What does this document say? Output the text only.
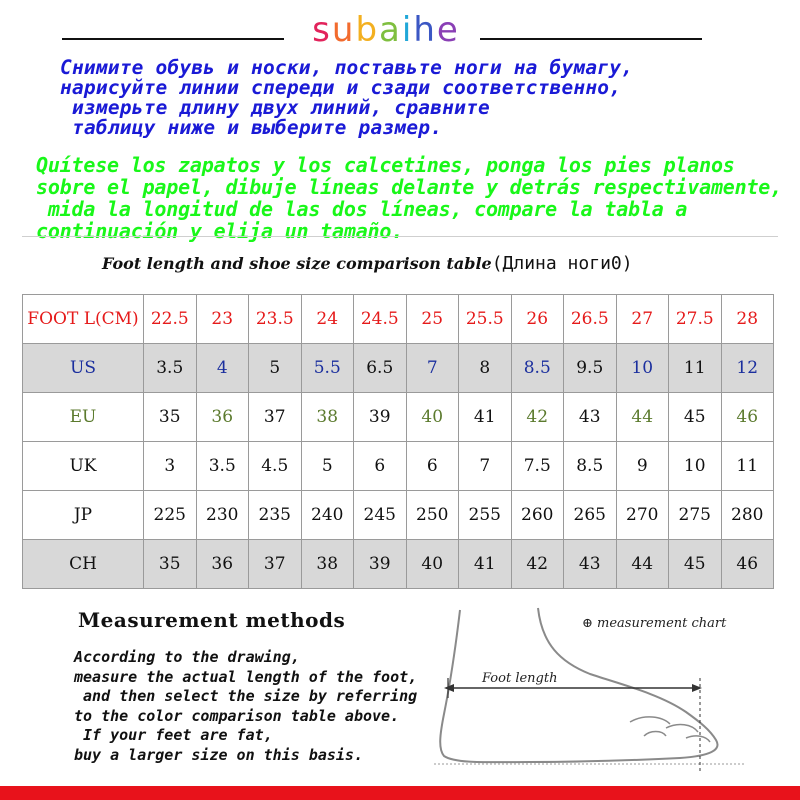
subaihe
Снимите обувь и носки, поставьте ноги на бумагу,
нарисуйте линии спереди и сзади соответственно,
измерьте длину двух линий, сравните
таблицу ниже и выберите размер.
Quítese los zapatos y los calcetines, ponga los pies planos
sobre el papel, dibuje líneas delante y detrás respectivamente,
mida la longitud de las dos líneas, compare la tabla a
continuación y elija un tamaño.
Foot length and shoe size comparison table(Длина ноги0)
FOOT L(CM)	22.5	23	23.5	24	24.5	25	25.5	26	26.5	27	27.5	28
US	3.5	4	5	5.5	6.5	7	8	8.5	9.5	10	11	12
EU	35	36	37	38	39	40	41	42	43	44	45	46
UK	3	3.5	4.5	5	6	6	7	7.5	8.5	9	10	11
JP	225	230	235	240	245	250	255	260	265	270	275	280
CH	35	36	37	38	39	40	41	42	43	44	45	46
Measurement methods
According to the drawing,
measure the actual length of the foot,
and then select the size by referring
to the color comparison table above.
If your feet are fat,
buy a larger size on this basis.
⊕ measurement chart
Foot length
